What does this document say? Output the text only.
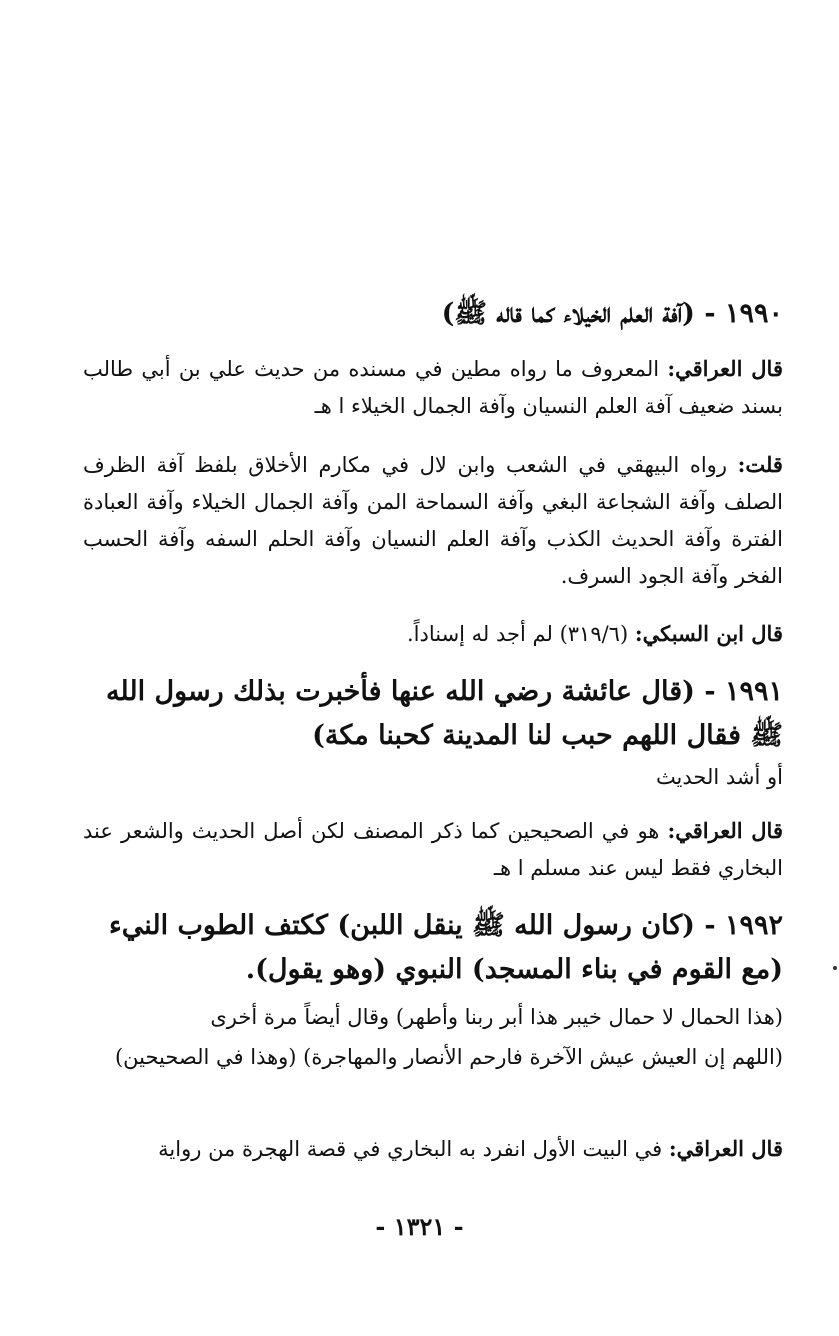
١٩٩٠ - (آفة العلم الخيلاء كما قاله ﷺ)
قال العراقي: المعروف ما رواه مطين في مسنده من حديث علي بن أبي طالب بسند ضعيف آفة العلم النسيان وآفة الجمال الخيلاء ا هـ
قلت: رواه البيهقي في الشعب وابن لال في مكارم الأخلاق بلفظ آفة الظرف الصلف وآفة الشجاعة البغي وآفة السماحة المن وآفة الجمال الخيلاء وآفة العبادة الفترة وآفة الحديث الكذب وآفة العلم النسيان وآفة الحلم السفه وآفة الحسب الفخر وآفة الجود السرف.
قال ابن السبكي: (٣١٩/٦) لم أجد له إسناداً.
١٩٩١ - (قال عائشة رضي الله عنها فأخبرت بذلك رسول الله ﷺ فقال اللهم حبب لنا المدينة كحبنا مكة)
أو أشد الحديث
قال العراقي: هو في الصحيحين كما ذكر المصنف لكن أصل الحديث والشعر عند البخاري فقط ليس عند مسلم ا هـ
١٩٩٢ - (كان رسول الله ﷺ ينقل اللبن) ككتف الطوب النيء (مع القوم في بناء المسجد) النبوي (وهو يقول).
(هذا الحمال لا حمال خيبر هذا أبر ربنا وأطهر) وقال أيضاً مرة أخرى
(اللهم إن العيش عيش الآخرة فارحم الأنصار والمهاجرة) (وهذا في الصحيحين)
قال العراقي: في البيت الأول انفرد به البخاري في قصة الهجرة من رواية
- ١٣٢١ -
